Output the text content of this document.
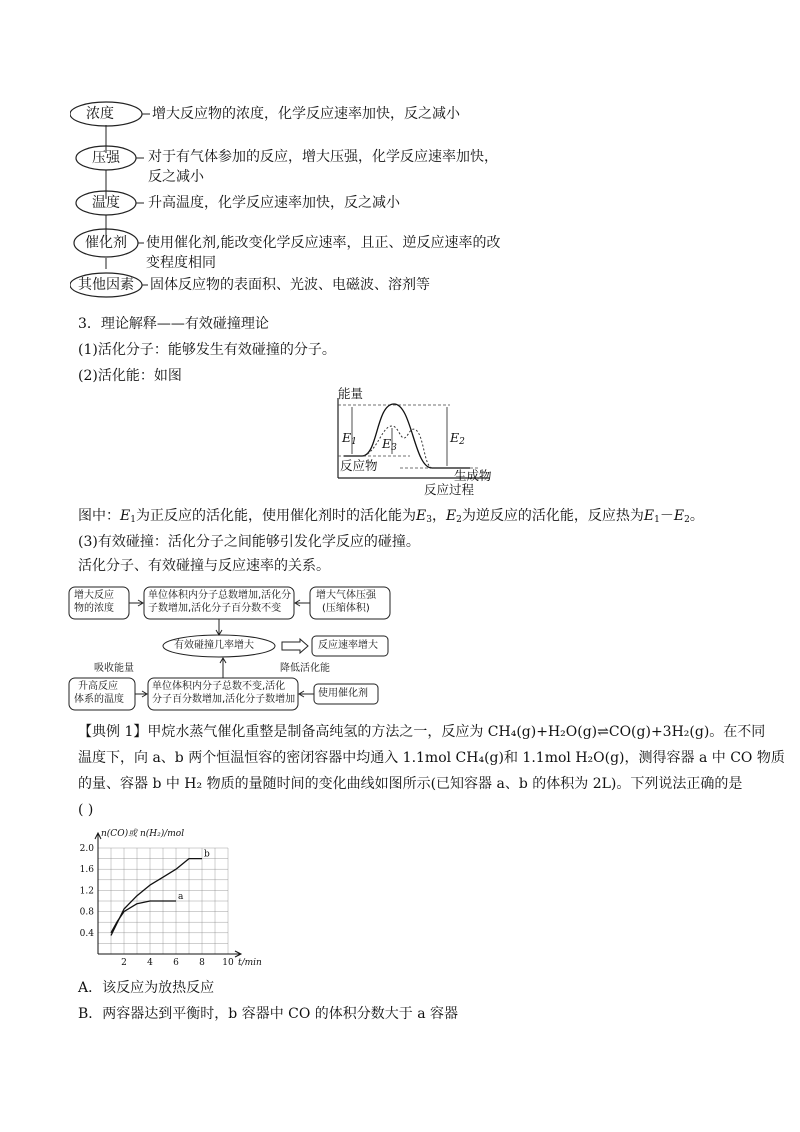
浓度	增大反应物的浓度，化学反应速率加快，反之减小
压强 对于有气体参加的反应，增大压强，化学反应速率加快，
反之减小
温度 升高温度，化学反应速率加快，反之减小
催化剂 使用催化剂,能改变化学反应速率，且正、逆反应速率的改
变程度相同
其他因素 固体反应物的表面积、光波、电磁波、溶剂等
3．理论解释——有效碰撞理论
(1)活化分子：能够发生有效碰撞的分子。
(2)活化能：如图
能量
$E_1$ $E_3$
$E_2$
反应物
生成物
反应过程
图中：$E_1$为正反应的活化能，使用催化剂时的活化能为$E_3$，$E_2$为逆反应的活化能，反应热为$E_1-E_2$。
(3)有效碰撞：活化分子之间能够引发化学反应的碰撞。
活化分子、有效碰撞与反应速率的关系。
增大反应
物的浓度
单位体积内分子总数增加,活化分
子数增加,活化分子百分数不变
增大气体压强
(压缩体积)
有效碰撞几率增大	反应速率增大
吸收能量	降低活化能
升高反应
体系的温度
单位体积内分子总数不变,活化
分子百分数增加,活化分子数增加
使用催化剂
【典例 1】甲烷水蒸气催化重整是制备高纯氢的方法之一，反应为 CH₄(g)+H₂O(g)⇌CO(g)+3H₂(g)。在不同
温度下，向 a、b 两个恒温恒容的密闭容器中均通入 1.1mol CH₄(g)和 1.1mol H₂O(g)，测得容器 a 中 CO 物质
的量、容器 b 中 H₂ 物质的量随时间的变化曲线如图所示(已知容器 a、b 的体积为 2L)。下列说法正确的是
( )
0.4
0.8
1.2
1.6
2.0
2 4 6 8 10
n(CO)或 n(H₂)/mol
t/min
a
b
A．该反应为放热反应
B．两容器达到平衡时，b 容器中 CO 的体积分数大于 a 容器
